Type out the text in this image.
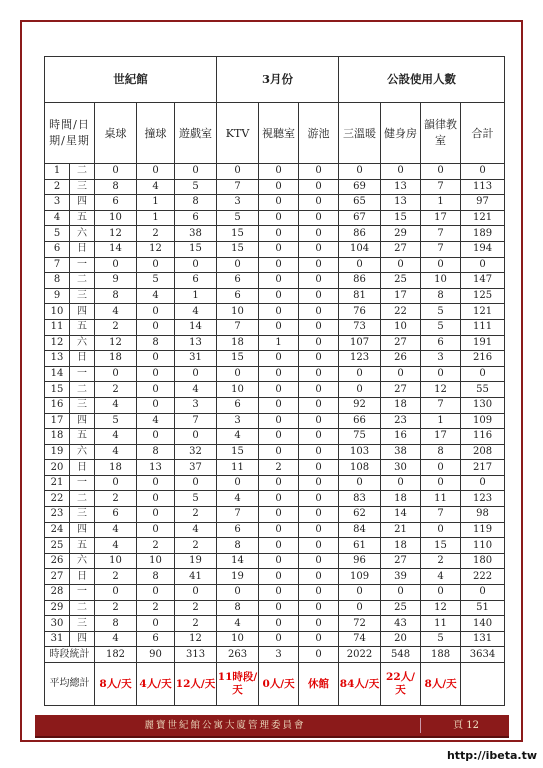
世紀館					3月份			公設使用人數			
時間/日期/星期		桌球	撞球	遊戲室	KTV	視聽室	游池	三溫暖	健身房	韻律教室	合計
1	二	0	0	0	0	0	0	0	0	0	0
2	三	8	4	5	7	0	0	69	13	7	113
3	四	6	1	8	3	0	0	65	13	1	97
4	五	10	1	6	5	0	0	67	15	17	121
5	六	12	2	38	15	0	0	86	29	7	189
6	日	14	12	15	15	0	0	104	27	7	194
7	一	0	0	0	0	0	0	0	0	0	0
8	二	9	5	6	6	0	0	86	25	10	147
9	三	8	4	1	6	0	0	81	17	8	125
10	四	4	0	4	10	0	0	76	22	5	121
11	五	2	0	14	7	0	0	73	10	5	111
12	六	12	8	13	18	1	0	107	27	6	191
13	日	18	0	31	15	0	0	123	26	3	216
14	一	0	0	0	0	0	0	0	0	0	0
15	二	2	0	4	10	0	0	0	27	12	55
16	三	4	0	3	6	0	0	92	18	7	130
17	四	5	4	7	3	0	0	66	23	1	109
18	五	4	0	0	4	0	0	75	16	17	116
19	六	4	8	32	15	0	0	103	38	8	208
20	日	18	13	37	11	2	0	108	30	0	217
21	一	0	0	0	0	0	0	0	0	0	0
22	二	2	0	5	4	0	0	83	18	11	123
23	三	6	0	2	7	0	0	62	14	7	98
24	四	4	0	4	6	0	0	84	21	0	119
25	五	4	2	2	8	0	0	61	18	15	110
26	六	10	10	19	14	0	0	96	27	2	180
27	日	2	8	41	19	0	0	109	39	4	222
28	一	0	0	0	0	0	0	0	0	0	0
29	二	2	2	2	8	0	0	0	25	12	51
30	三	8	0	2	4	0	0	72	43	11	140
31	四	4	6	12	10	0	0	74	20	5	131
時段統計		182	90	313	263	3	0	2022	548	188	3634
平均總計		8人/天	4人/天	12人/天	11時段/天	0人/天	休館	84人/天	22人/天	8人/天	
麗寶世紀館公寓大廈管理委員會	頁 12
http://ibeta.tw
